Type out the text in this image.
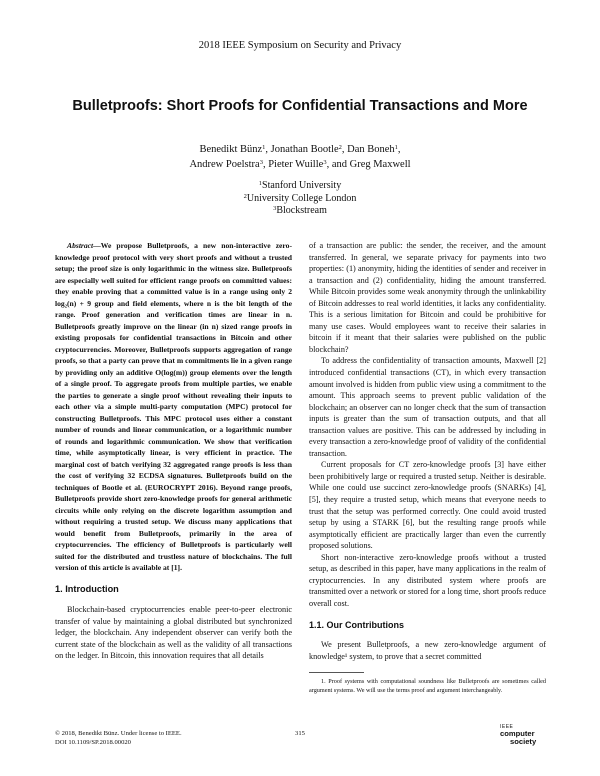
2018 IEEE Symposium on Security and Privacy
Bulletproofs: Short Proofs for Confidential Transactions and More
Benedikt Bünz$^1$, Jonathan Bootle$^2$, Dan Boneh$^1$,
Andrew Poelstra$^3$, Pieter Wuille$^3$, and Greg Maxwell
$^1$Stanford University
$^2$University College London
$^3$Blockstream

Abstract—We propose Bulletproofs, a new non-interactive zero-knowledge proof protocol with very short proofs and without a trusted setup; the proof size is only logarithmic in the witness size. Bulletproofs are especially well suited for efficient range proofs on committed values: they enable proving that a committed value is in a range using only 2 log₂(n) + 9 group and field elements, where n is the bit length of the range. Proof generation and verification times are linear in n. Bulletproofs greatly improve on the linear (in n) sized range proofs in existing proposals for confidential transactions in Bitcoin and other cryptocurrencies. Moreover, Bulletproofs supports aggregation of range proofs, so that a party can prove that m commitments lie in a given range by providing only an additive O(log(m)) group elements over the length of a single proof. To aggregate proofs from multiple parties, we enable the parties to generate a single proof without revealing their inputs to each other via a simple multi-party computation (MPC) protocol for constructing Bulletproofs. This MPC protocol uses either a constant number of rounds and linear communication, or a logarithmic number of rounds and logarithmic communication. We show that verification time, while asymptotically linear, is very efficient in practice. The marginal cost of batch verifying 32 aggregated range proofs is less than the cost of verifying 32 ECDSA signatures. Bulletproofs build on the techniques of Bootle et al. (EUROCRYPT 2016). Beyond range proofs, Bulletproofs provide short zero-knowledge proofs for general arithmetic circuits while only relying on the discrete logarithm assumption and without requiring a trusted setup. We discuss many applications that would benefit from Bulletproofs, primarily in the area of cryptocurrencies. The efficiency of Bulletproofs is particularly well suited for the distributed and trustless nature of blockchains. The full version of this article is available at [1].

1. Introduction

Blockchain-based cryptocurrencies enable peer-to-peer electronic transfer of value by maintaining a global distributed but synchronized ledger, the blockchain. Any independent observer can verify both the current state of the blockchain as well as the validity of all transactions on the ledger. In Bitcoin, this innovation requires that all details

of a transaction are public: the sender, the receiver, and the amount transferred. In general, we separate privacy for payments into two properties: (1) anonymity, hiding the identities of sender and receiver in a transaction and (2) confidentiality, hiding the amount transferred. While Bitcoin provides some weak anonymity through the unlinkability of Bitcoin addresses to real world identities, it lacks any confidentiality. This is a serious limitation for Bitcoin and could be prohibitive for many use cases. Would employees want to receive their salaries in bitcoin if it meant that their salaries were published on the public blockchain?

To address the confidentiality of transaction amounts, Maxwell [2] introduced confidential transactions (CT), in which every transaction amount involved is hidden from public view using a commitment to the amount. This approach seems to prevent public validation of the blockchain; an observer can no longer check that the sum of transaction inputs is greater than the sum of transaction outputs, and that all transaction values are positive. This can be addressed by including in every transaction a zero-knowledge proof of validity of the confidential transaction.

Current proposals for CT zero-knowledge proofs [3] have either been prohibitively large or required a trusted setup. Neither is desirable. While one could use succinct zero-knowledge proofs (SNARKs) [4], [5], they require a trusted setup, which means that everyone needs to trust that the setup was performed correctly. One could avoid trusted setup by using a STARK [6], but the resulting range proofs while asymptotically efficient are practically larger than even the currently proposed solutions.

Short non-interactive zero-knowledge proofs without a trusted setup, as described in this paper, have many applications in the realm of cryptocurrencies. In any distributed system where proofs are transmitted over a network or stored for a long time, short proofs reduce overall cost.

1.1. Our Contributions

We present Bulletproofs, a new zero-knowledge argument of knowledge¹ system, to prove that a secret committed

1. Proof systems with computational soundness like Bulletproofs are sometimes called argument systems. We will use the terms proof and argument interchangeably.

© 2018, Benedikt Bünz. Under license to IEEE.
DOI 10.1109/SP.2018.00020
315
IEEE
computer
society
